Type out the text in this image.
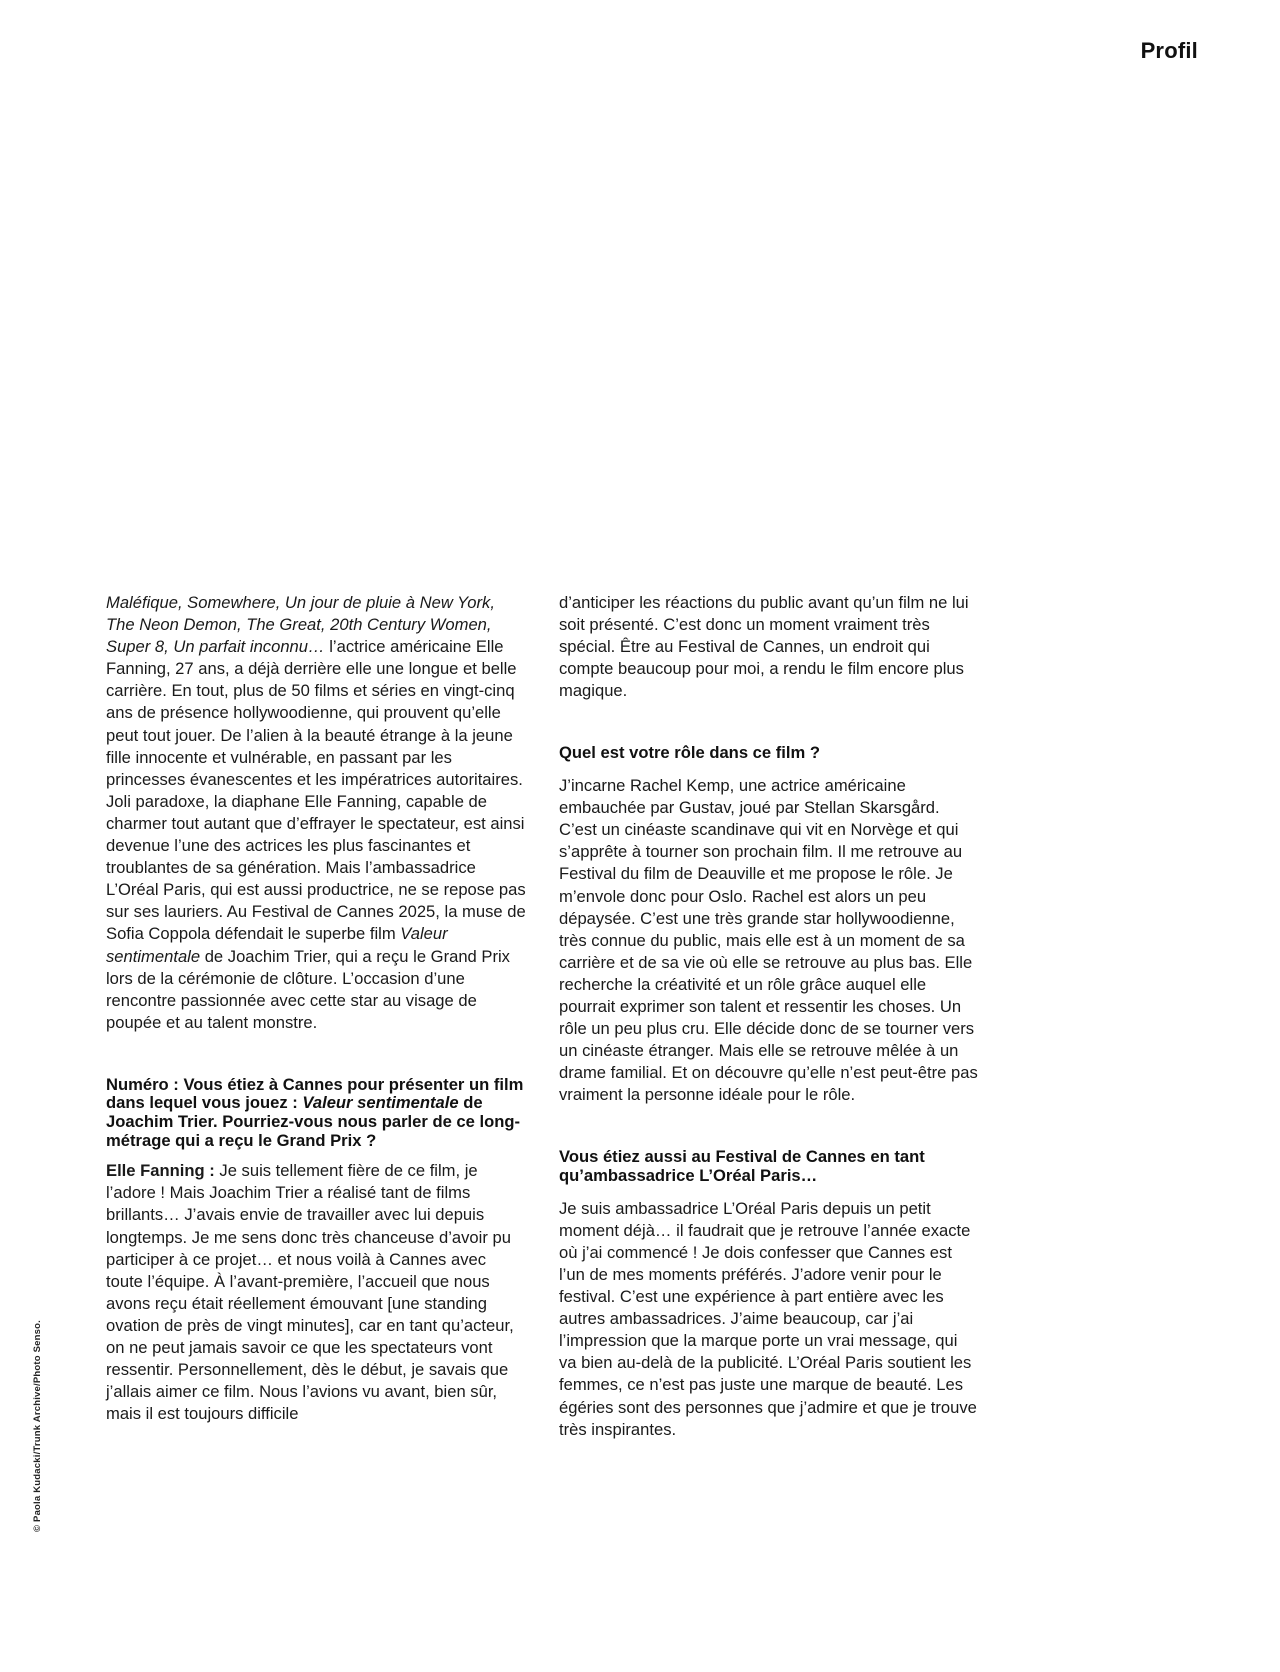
Profil
© Paola Kudacki/Trunk Archive/Photo Senso.

Maléfique, Somewhere, Un jour de pluie à New York, The Neon Demon, The Great, 20th Century Women, Super 8, Un parfait inconnu… l’actrice américaine Elle Fanning, 27 ans, a déjà derrière elle une longue et belle carrière. En tout, plus de 50 films et séries en vingt-cinq ans de présence hollywoodienne, qui prouvent qu’elle peut tout jouer. De l’alien à la beauté étrange à la jeune fille innocente et vulnérable, en passant par les princesses évanescentes et les impératrices autoritaires. Joli paradoxe, la diaphane Elle Fanning, capable de charmer tout autant que d’effrayer le spectateur, est ainsi devenue l’une des actrices les plus fascinantes et troublantes de sa génération. Mais l’ambassadrice L’Oréal Paris, qui est aussi productrice, ne se repose pas sur ses lauriers. Au Festival de Cannes 2025, la muse de Sofia Coppola défendait le superbe film Valeur sentimentale de Joachim Trier, qui a reçu le Grand Prix lors de la cérémonie de clôture. L’occasion d’une rencontre passionnée avec cette star au visage de poupée et au talent monstre.

Numéro : Vous étiez à Cannes pour présenter un film dans lequel vous jouez : Valeur sentimentale de Joachim Trier. Pourriez-vous nous parler de ce long-métrage qui a reçu le Grand Prix ?

Elle Fanning : Je suis tellement fière de ce film, je l’adore ! Mais Joachim Trier a réalisé tant de films brillants… J’avais envie de travailler avec lui depuis longtemps. Je me sens donc très chanceuse d’avoir pu participer à ce projet… et nous voilà à Cannes avec toute l’équipe. À l’avant-première, l’accueil que nous avons reçu était réellement émouvant [une standing ovation de près de vingt minutes], car en tant qu’acteur, on ne peut jamais savoir ce que les spectateurs vont ressentir. Personnellement, dès le début, je savais que j’allais aimer ce film. Nous l’avions vu avant, bien sûr, mais il est toujours difficile

d’anticiper les réactions du public avant qu’un film ne lui soit présenté. C’est donc un moment vraiment très spécial. Être au Festival de Cannes, un endroit qui compte beaucoup pour moi, a rendu le film encore plus magique.

Quel est votre rôle dans ce film ?

J’incarne Rachel Kemp, une actrice américaine embauchée par Gustav, joué par Stellan Skarsgård. C’est un cinéaste scandinave qui vit en Norvège et qui s’apprête à tourner son prochain film. Il me retrouve au Festival du film de Deauville et me propose le rôle. Je m’envole donc pour Oslo. Rachel est alors un peu dépaysée. C’est une très grande star hollywoodienne, très connue du public, mais elle est à un moment de sa carrière et de sa vie où elle se retrouve au plus bas. Elle recherche la créativité et un rôle grâce auquel elle pourrait exprimer son talent et ressentir les choses. Un rôle un peu plus cru. Elle décide donc de se tourner vers un cinéaste étranger. Mais elle se retrouve mêlée à un drame familial. Et on découvre qu’elle n’est peut-être pas vraiment la personne idéale pour le rôle.

Vous étiez aussi au Festival de Cannes en tant qu’ambassadrice L’Oréal Paris…

Je suis ambassadrice L’Oréal Paris depuis un petit moment déjà… il faudrait que je retrouve l’année exacte où j’ai commencé ! Je dois confesser que Cannes est l’un de mes moments préférés. J’adore venir pour le festival. C’est une expérience à part entière avec les autres ambassadrices. J’aime beaucoup, car j’ai l’impression que la marque porte un vrai message, qui va bien au-delà de la publicité. L’Oréal Paris soutient les femmes, ce n’est pas juste une marque de beauté. Les égéries sont des personnes que j’admire et que je trouve très inspirantes.
